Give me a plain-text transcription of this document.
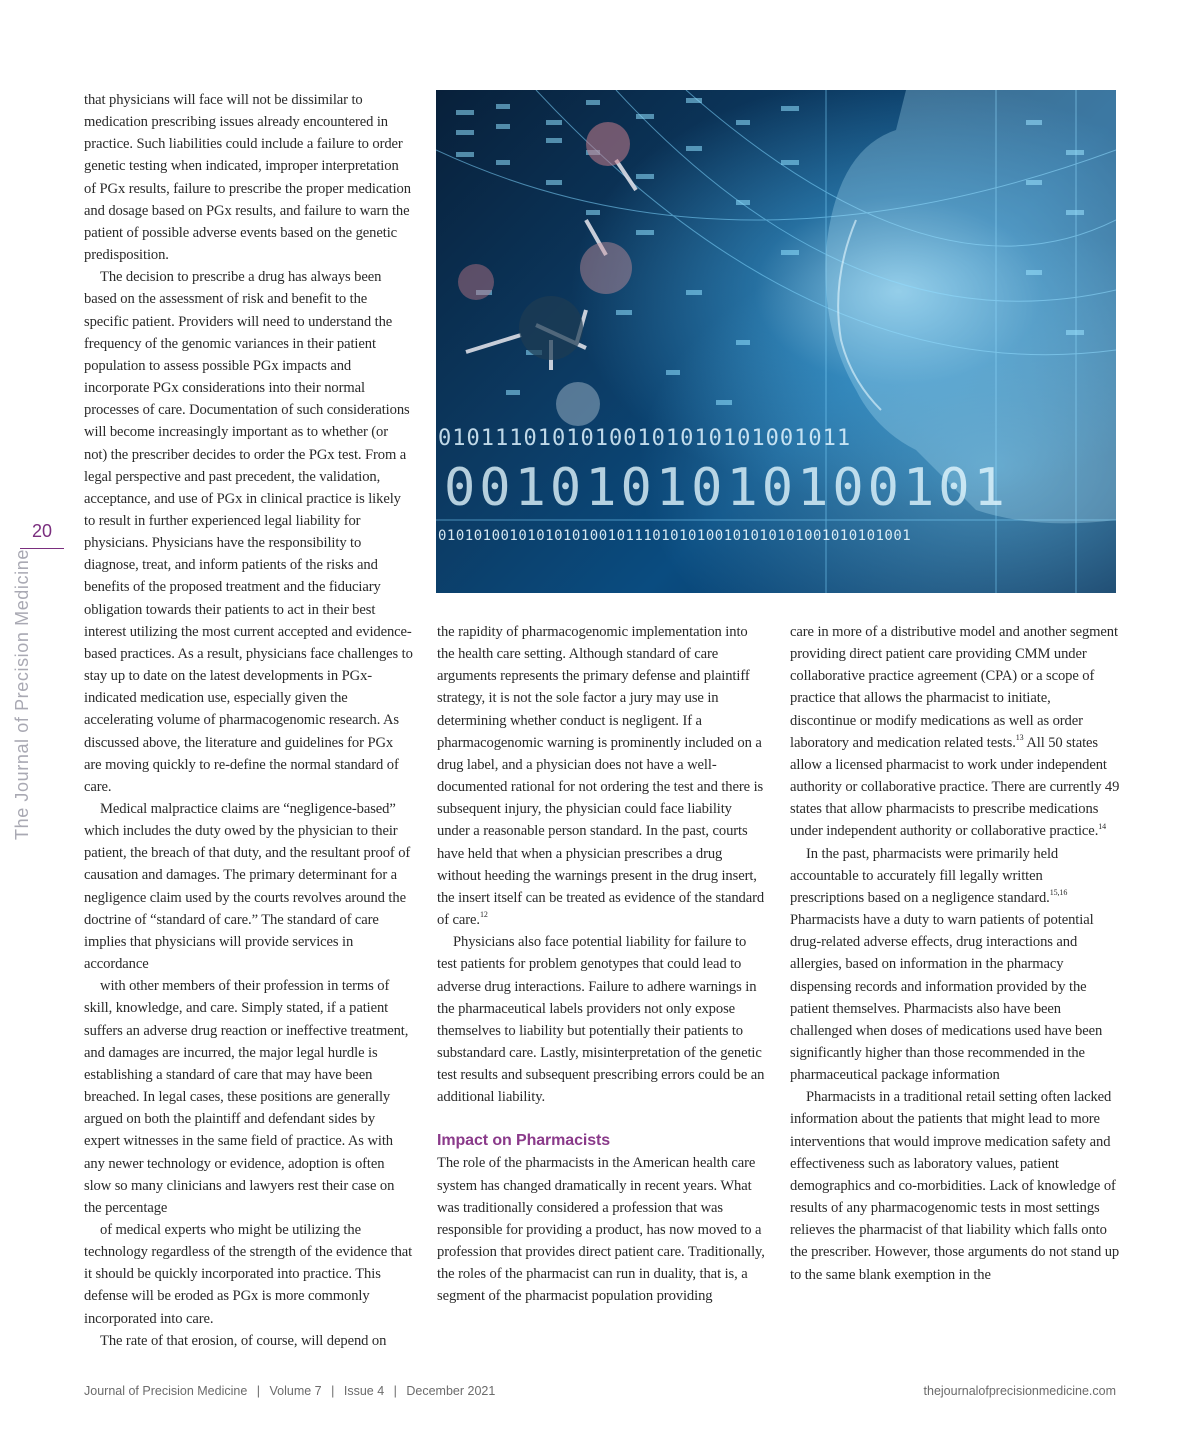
20
The Journal of Precision Medicine
01011101010100101010101001011
0010101010100101
01010100101010101001011101010100101010101001010101001

that physicians will face will not be dissimilar to medication prescribing issues already encountered in practice. Such liabilities could include a failure to order genetic testing when indicated, improper interpretation of PGx results, failure to prescribe the proper medication and dosage based on PGx results, and failure to warn the patient of possible adverse events based on the genetic predisposition.

The decision to prescribe a drug has always been based on the assessment of risk and benefit to the specific patient. Providers will need to understand the frequency of the genomic variances in their patient population to assess possible PGx impacts and incorporate PGx considerations into their normal processes of care. Documentation of such considerations will become increasingly important as to whether (or not) the prescriber decides to order the PGx test. From a legal perspective and past precedent, the validation, acceptance, and use of PGx in clinical practice is likely to result in further experienced legal liability for physicians. Physicians have the responsibility to diagnose, treat, and inform patients of the risks and benefits of the proposed treatment and the fiduciary obligation towards their patients to act in their best interest utilizing the most current accepted and evidence-based practices. As a result, physicians face challenges to stay up to date on the latest developments in PGx-indicated medication use, especially given the accelerating volume of pharmacogenomic research. As discussed above, the literature and guidelines for PGx are moving quickly to re-define the normal standard of care.

Medical malpractice claims are “negligence-based” which includes the duty owed by the physician to their patient, the breach of that duty, and the resultant proof of causation and damages. The primary determinant for a negligence claim used by the courts revolves around the doctrine of “standard of care.” The standard of care implies that physicians will provide services in accordance

with other members of their profession in terms of skill, knowledge, and care. Simply stated, if a patient suffers an adverse drug reaction or ineffective treatment, and damages are incurred, the major legal hurdle is establishing a standard of care that may have been breached. In legal cases, these positions are generally argued on both the plaintiff and defendant sides by expert witnesses in the same field of practice. As with any newer technology or evidence, adoption is often slow so many clinicians and lawyers rest their case on the percentage

of medical experts who might be utilizing the technology regardless of the strength of the evidence that it should be quickly incorporated into practice. This defense will be eroded as PGx is more commonly incorporated into care.

The rate of that erosion, of course, will depend on

the rapidity of pharmacogenomic implementation into the health care setting. Although standard of care arguments represents the primary defense and plaintiff strategy, it is not the sole factor a jury may use in determining whether conduct is negligent. If a pharmacogenomic warning is prominently included on a drug label, and a physician does not have a well-documented rational for not ordering the test and there is subsequent injury, the physician could face liability under a reasonable person standard. In the past, courts have held that when a physician prescribes a drug without heeding the warnings present in the drug insert, the insert itself can be treated as evidence of the standard of care.$^{12}$

Physicians also face potential liability for failure to test patients for problem genotypes that could lead to adverse drug interactions. Failure to adhere warnings in the pharmaceutical labels providers not only expose themselves to liability but potentially their patients to substandard care. Lastly, misinterpretation of the genetic test results and subsequent prescribing errors could be an additional liability.

Impact on Pharmacists

The role of the pharmacists in the American health care system has changed dramatically in recent years. What was traditionally considered a profession that was responsible for providing a product, has now moved to a profession that provides direct patient care. Traditionally, the roles of the pharmacist can run in duality, that is, a segment of the pharmacist population providing

care in more of a distributive model and another segment providing direct patient care providing CMM under collaborative practice agreement (CPA) or a scope of practice that allows the pharmacist to initiate, discontinue or modify medications as well as order laboratory and medication related tests.$^{13}$ All 50 states allow a licensed pharmacist to work under independent authority or collaborative practice. There are currently 49 states that allow pharmacists to prescribe medications under independent authority or collaborative practice.$^{14}$

In the past, pharmacists were primarily held accountable to accurately fill legally written prescriptions based on a negligence standard.$^{15,16}$ Pharmacists have a duty to warn patients of potential drug-related adverse effects, drug interactions and allergies, based on information in the pharmacy dispensing records and information provided by the patient themselves. Pharmacists also have been challenged when doses of medications used have been significantly higher than those recommended in the pharmaceutical package information

Pharmacists in a traditional retail setting often lacked information about the patients that might lead to more interventions that would improve medication safety and effectiveness such as laboratory values, patient demographics and co-morbidities. Lack of knowledge of results of any pharmacogenomic tests in most settings relieves the pharmacist of that liability which falls onto the prescriber. However, those arguments do not stand up to the same blank exemption in the

Journal of Precision Medicine | Volume 7 | Issue 4 | December 2021	thejournalofprecisionmedicine.com
